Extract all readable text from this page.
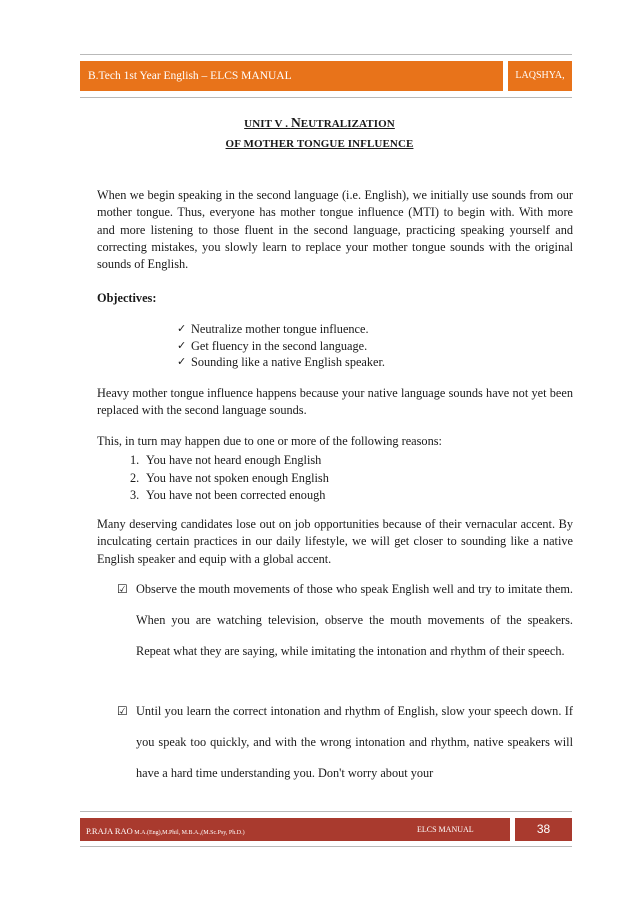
B.Tech 1st Year English – ELCS MANUAL	LAQSHYA, KMM
UNIT V . NEUTRALIZATION
OF MOTHER TONGUE INFLUENCE

When we begin speaking in the second language (i.e. English), we initially use sounds from our mother tongue. Thus, everyone has mother tongue influence (MTI) to begin with. With more and more listening to those fluent in the second language, practicing speaking yourself and correcting mistakes, you slowly learn to replace your mother tongue sounds with the original sounds of English.

Objectives:
✓ Neutralize mother tongue influence.
✓ Get fluency in the second language.
✓ Sounding like a native English speaker.

Heavy mother tongue influence happens because your native language sounds have not yet been replaced with the second language sounds.

This, in turn may happen due to one or more of the following reasons:

1. You have not heard enough English
2. You have not spoken enough English
3. You have not been corrected enough

Many deserving candidates lose out on job opportunities because of their vernacular accent. By inculcating certain practices in our daily lifestyle, we will get closer to sounding like a native English speaker and equip with a global accent.

☑ Observe the mouth movements of those who speak English well and try to imitate them. When you are watching television, observe the mouth movements of the speakers. Repeat what they are saying, while imitating the intonation and rhythm of their speech.
☑ Until you learn the correct intonation and rhythm of English, slow your speech down. If you speak too quickly, and with the wrong intonation and rhythm, native speakers will have a hard time understanding you. Don't worry about your
P.RAJA RAO M.A.(Eng),M.Phil, M.B.A.,(M.Sc.Psy, Ph.D.)	ELCS MANUAL	38
